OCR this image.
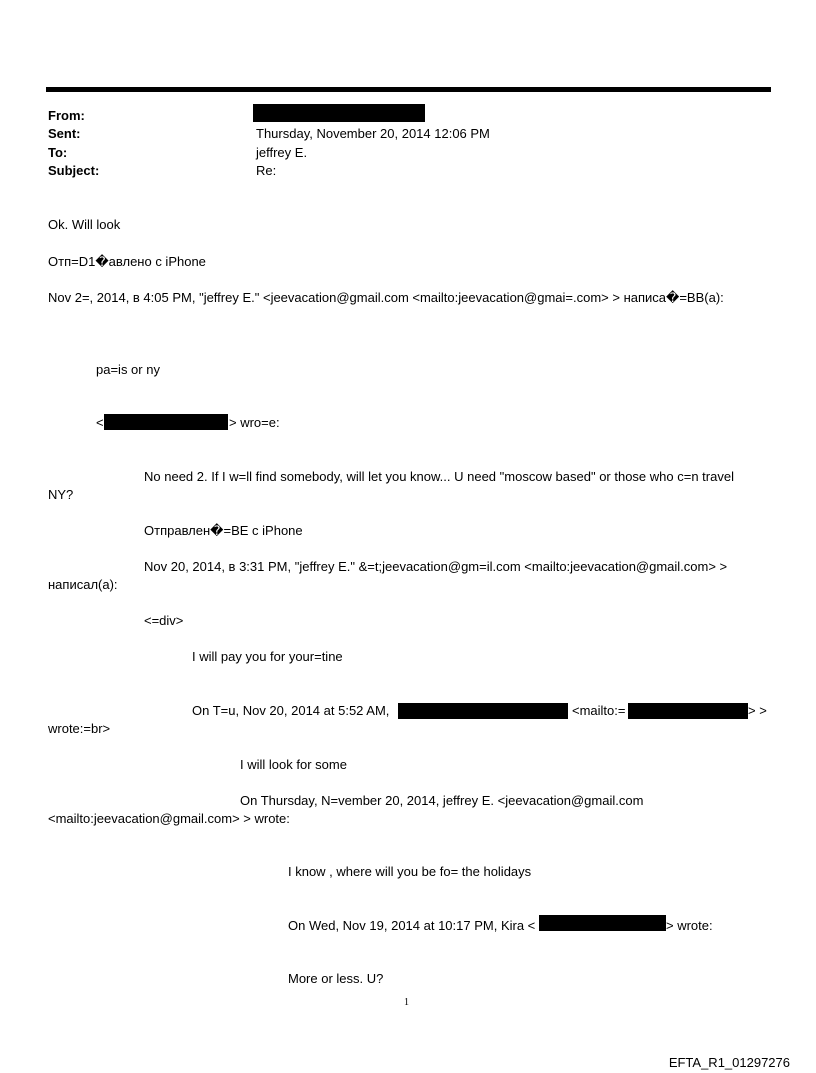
From:
Sent:	Thursday, November 20, 2014 12:06 PM
To:	jeffrey E.
Subject:	Re:
Ok. Will look
Отп=D1�авлено с iPhone
Nov 2=, 2014, в 4:05 PM, "jeffrey E." <jeevacation@gmail.com <mailto:jeevacation@gmai=.com> > написа�=BB(a):
pa=is or ny
<	> wro=e:
No need 2. If I w=ll find somebody, will let you know... U need "moscow based" or those who c=n travel
NY?
Отправлен�=BE с iPhone
Nov 20, 2014, в 3:31 PM, "jeffrey E." &=t;jeevacation@gm=il.com <mailto:jeevacation@gmail.com> >
написал(а):
<=div>
I will pay you for your=tine
On T=u, Nov 20, 2014 at 5:52 AM,	<mailto:=	> >
wrote:=br>
I will look for some
On Thursday, N=vember 20, 2014, jeffrey E. <jeevacation@gmail.com
<mailto:jeevacation@gmail.com> > wrote:
I know , where will you be fo= the holidays
On Wed, Nov 19, 2014 at 10:17 PM, Kira <	> wrote:
More or less. U?
1
EFTA_R1_01297276
